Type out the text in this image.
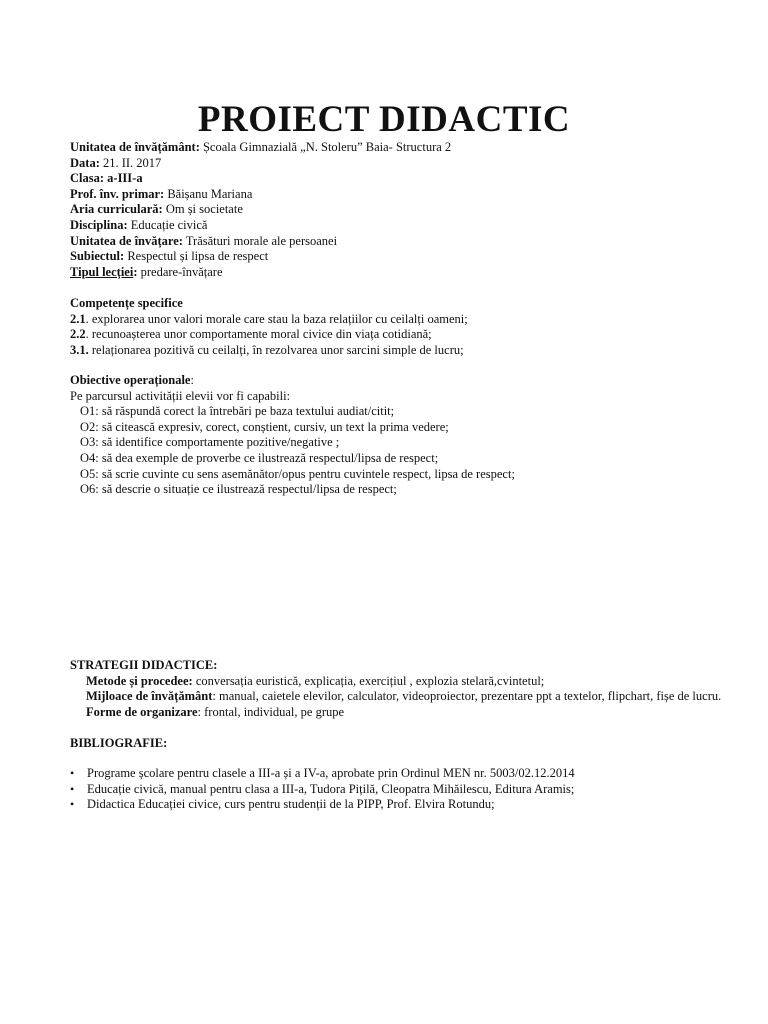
PROIECT DIDACTIC
Unitatea de învățământ: Școala Gimnazială „N. Stoleru” Baia- Structura 2
Data: 21. II. 2017
Clasa: a-III-a
Prof. înv. primar: Băișanu Mariana
Aria curriculară: Om și societate
Disciplina: Educație civică
Unitatea de învățare: Trăsături morale ale persoanei
Subiectul: Respectul și lipsa de respect
Tipul lecției: predare-învățare
Competențe specifice
2.1. explorarea unor valori morale care stau la baza relațiilor cu ceilalți oameni;
2.2. recunoașterea unor comportamente moral civice din viața cotidiană;
3.1. relaționarea pozitivă cu ceilalți, în rezolvarea unor sarcini simple de lucru;
Obiective operaționale:
Pe parcursul activității elevii vor fi capabili:
O1: să răspundă corect la întrebări pe baza textului audiat/citit;
O2: să citească expresiv, corect, conștient, cursiv, un text la prima vedere;
O3: să identifice comportamente pozitive/negative ;
O4: să dea exemple de proverbe ce ilustrează respectul/lipsa de respect;
O5: să scrie cuvinte cu sens asemănător/opus pentru cuvintele respect, lipsa de respect;
O6: să descrie o situație ce ilustrează respectul/lipsa de respect;
STRATEGII DIDACTICE:
Metode și procedee: conversația euristică, explicația, exercițiul , explozia stelară,cvintetul;
Mijloace de învățământ: manual, caietele elevilor, calculator, videoproiector, prezentare ppt a textelor, flipchart, fișe de lucru.
Forme de organizare: frontal, individual, pe grupe
BIBLIOGRAFIE:
• Programe școlare pentru clasele a III-a și a IV-a, aprobate prin Ordinul MEN nr. 5003/02.12.2014
• Educație civică, manual pentru clasa a III-a, Tudora Pițilă, Cleopatra Mihăilescu, Editura Aramis;
• Didactica Educației civice, curs pentru studenții de la PIPP, Prof. Elvira Rotundu;
